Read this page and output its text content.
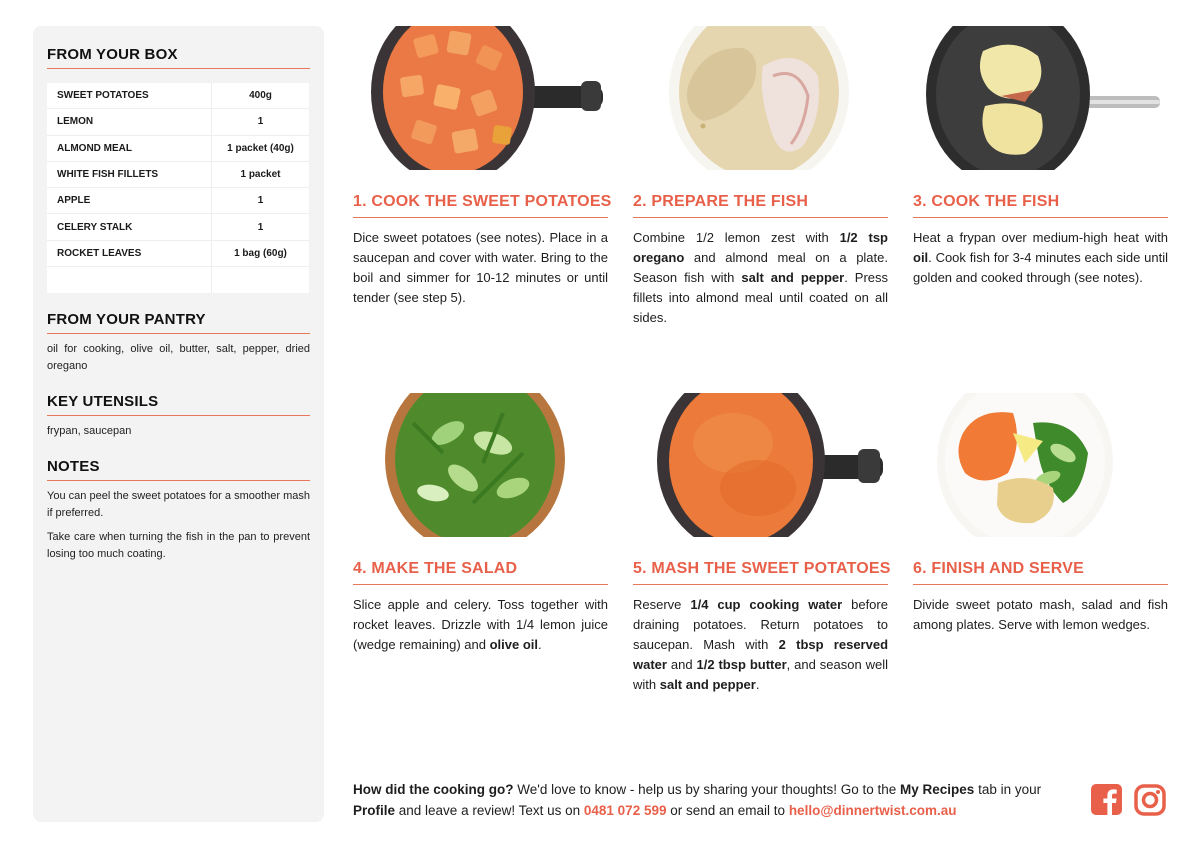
FROM YOUR BOX
SWEET POTATOES	400g
LEMON	1
ALMOND MEAL	1 packet (40g)
WHITE FISH FILLETS	1 packet
APPLE	1
CELERY STALK	1
ROCKET LEAVES	1 bag (60g)
FROM YOUR PANTRY
oil for cooking, olive oil, butter, salt, pepper, dried oregano
KEY UTENSILS
frypan, saucepan
NOTES
You can peel the sweet potatoes for a smoother mash if preferred.
Take care when turning the fish in the pan to prevent losing too much coating.
1. COOK THE SWEET POTATOES
Dice sweet potatoes (see notes). Place in a saucepan and cover with water. Bring to the boil and simmer for 10-12 minutes or until tender (see step 5).
2. PREPARE THE FISH
Combine 1/2 lemon zest with 1/2 tsp oregano and almond meal on a plate. Season fish with salt and pepper. Press fillets into almond meal until coated on all sides.
3. COOK THE FISH
Heat a frypan over medium-high heat with oil. Cook fish for 3-4 minutes each side until golden and cooked through (see notes).
4. MAKE THE SALAD
Slice apple and celery. Toss together with rocket leaves. Drizzle with 1/4 lemon juice (wedge remaining) and olive oil.
5. MASH THE SWEET POTATOES
Reserve 1/4 cup cooking water before draining potatoes. Return potatoes to saucepan. Mash with 2 tbsp reserved water and 1/2 tbsp butter, and season well with salt and pepper.
6. FINISH AND SERVE
Divide sweet potato mash, salad and fish among plates. Serve with lemon wedges.
How did the cooking go? We'd love to know - help us by sharing your thoughts! Go to the My Recipes tab in your Profile and leave a review! Text us on 0481 072 599 or send an email to hello@dinnertwist.com.au
